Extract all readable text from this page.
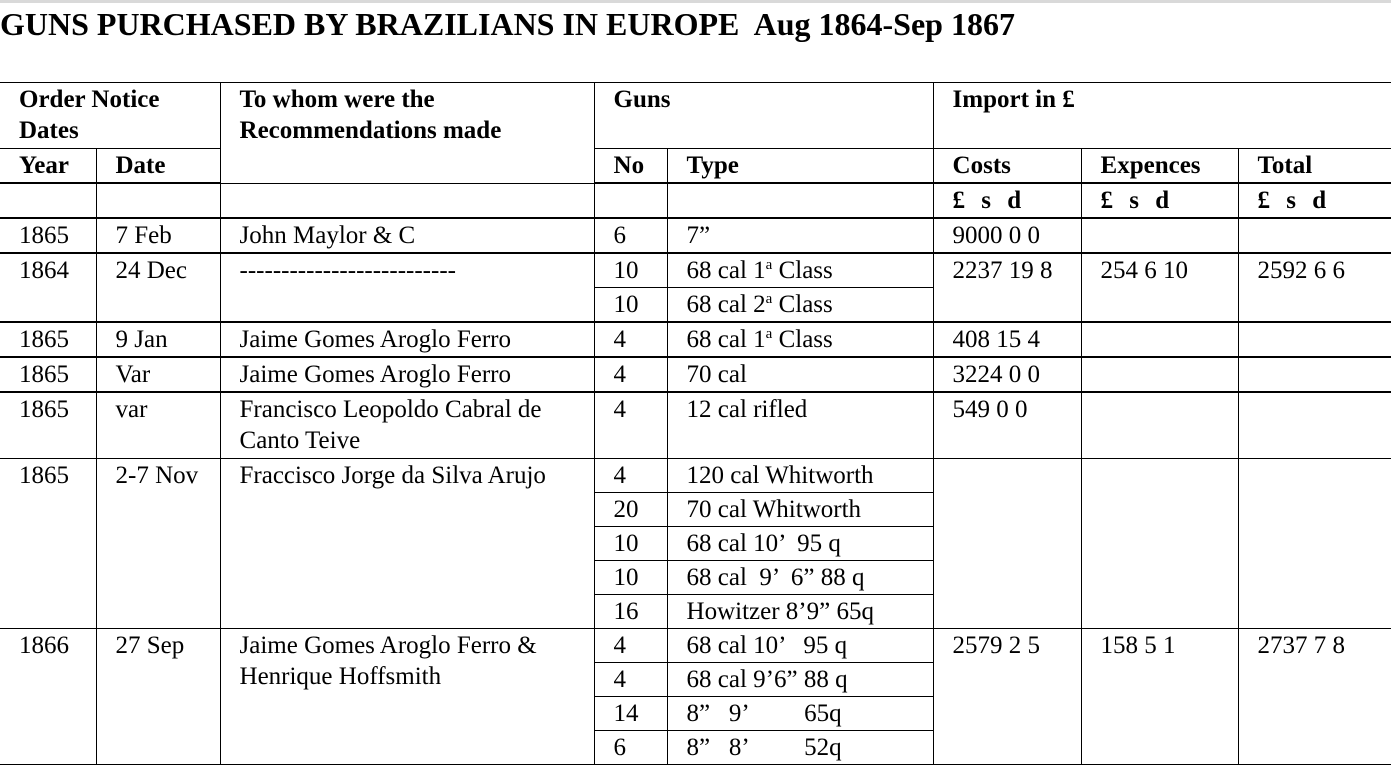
GUNS PURCHASED BY BRAZILIANS IN EUROPE  Aug 1864-Sep 1867
Order Notice Dates		To whom were the Recommendations made	Guns		Import in £		
Year	Date		No	Type	Costs	Expences	Total
					£ s d	£ s d	£ s d
1865	7 Feb	John Maylor & C	6	7”	9000 0 0		
1864	24 Dec	--------------------------	10	68 cal 1$^a$ Class	2237 19 8	254 6 10	2592 6 6
			10	68 cal 2$^a$ Class			
1865	9 Jan	Jaime Gomes Aroglo Ferro	4	68 cal 1$^a$ Class	408 15 4		
1865	Var	Jaime Gomes Aroglo Ferro	4	70 cal	3224 0 0		
1865	var	Francisco Leopoldo Cabral de Canto Teive	4	12 cal rifled	549 0 0		
1865	2-7 Nov	Fraccisco Jorge da Silva Arujo	4	120 cal Whitworth			
			20	70 cal Whitworth			
			10	68 cal 10’  95 q			
			10	68 cal  9’  6” 88 q			
			16	Howitzer 8’9” 65q			
1866	27 Sep	Jaime Gomes Aroglo Ferro & Henrique Hoffsmith	4	68 cal 10’   95 q	2579 2 5	158 5 1	2737 7 8
			4	68 cal 9’6” 88 q			
			14	8”   9’         65q			
			6	8”   8’         52q			
